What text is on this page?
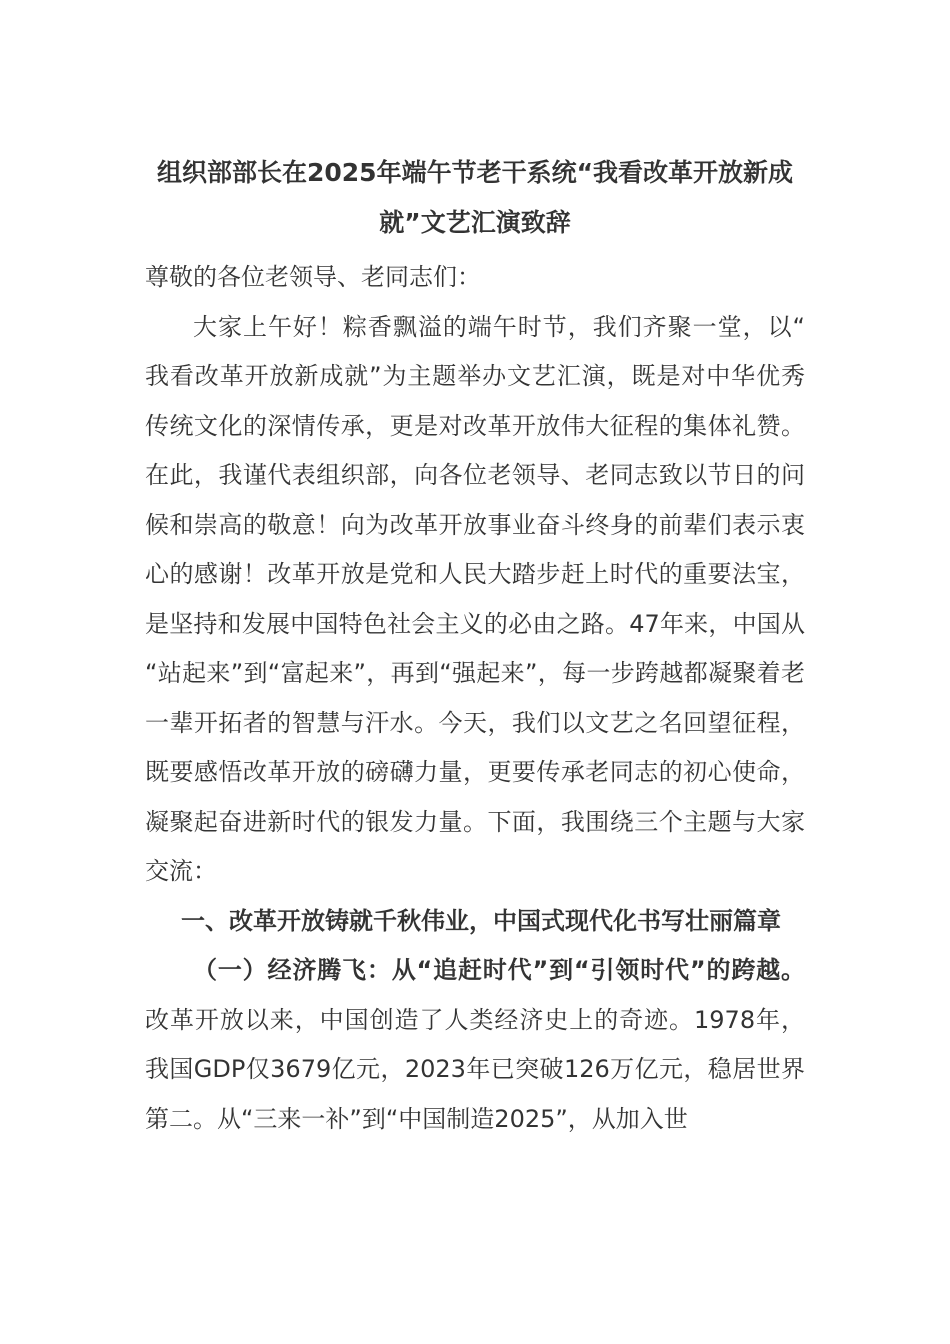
组织部部长在2025年端午节老干系统“我看改革开放新成就”文艺汇演致辞

尊敬的各位老领导、老同志们：

大家上午好！粽香飘溢的端午时节，我们齐聚一堂，以“我看改革开放新成就”为主题举办文艺汇演，既是对中华优秀传统文化的深情传承，更是对改革开放伟大征程的集体礼赞。在此，我谨代表组织部，向各位老领导、老同志致以节日的问候和崇高的敬意！向为改革开放事业奋斗终身的前辈们表示衷心的感谢！改革开放是党和人民大踏步赶上时代的重要法宝，是坚持和发展中国特色社会主义的必由之路。47年来，中国从“站起来”到“富起来”，再到“强起来”，每一步跨越都凝聚着老一辈开拓者的智慧与汗水。今天，我们以文艺之名回望征程，既要感悟改革开放的磅礴力量，更要传承老同志的初心使命，凝聚起奋进新时代的银发力量。下面，我围绕三个主题与大家交流：

一、改革开放铸就千秋伟业，中国式现代化书写壮丽篇章

（一）经济腾飞：从“追赶时代”到“引领时代”的跨越。改革开放以来，中国创造了人类经济史上的奇迹。1978年，我国GDP仅3679亿元，2023年已突破126万亿元，稳居世界第二。从“三来一补”到“中国制造2025”，从加入世
